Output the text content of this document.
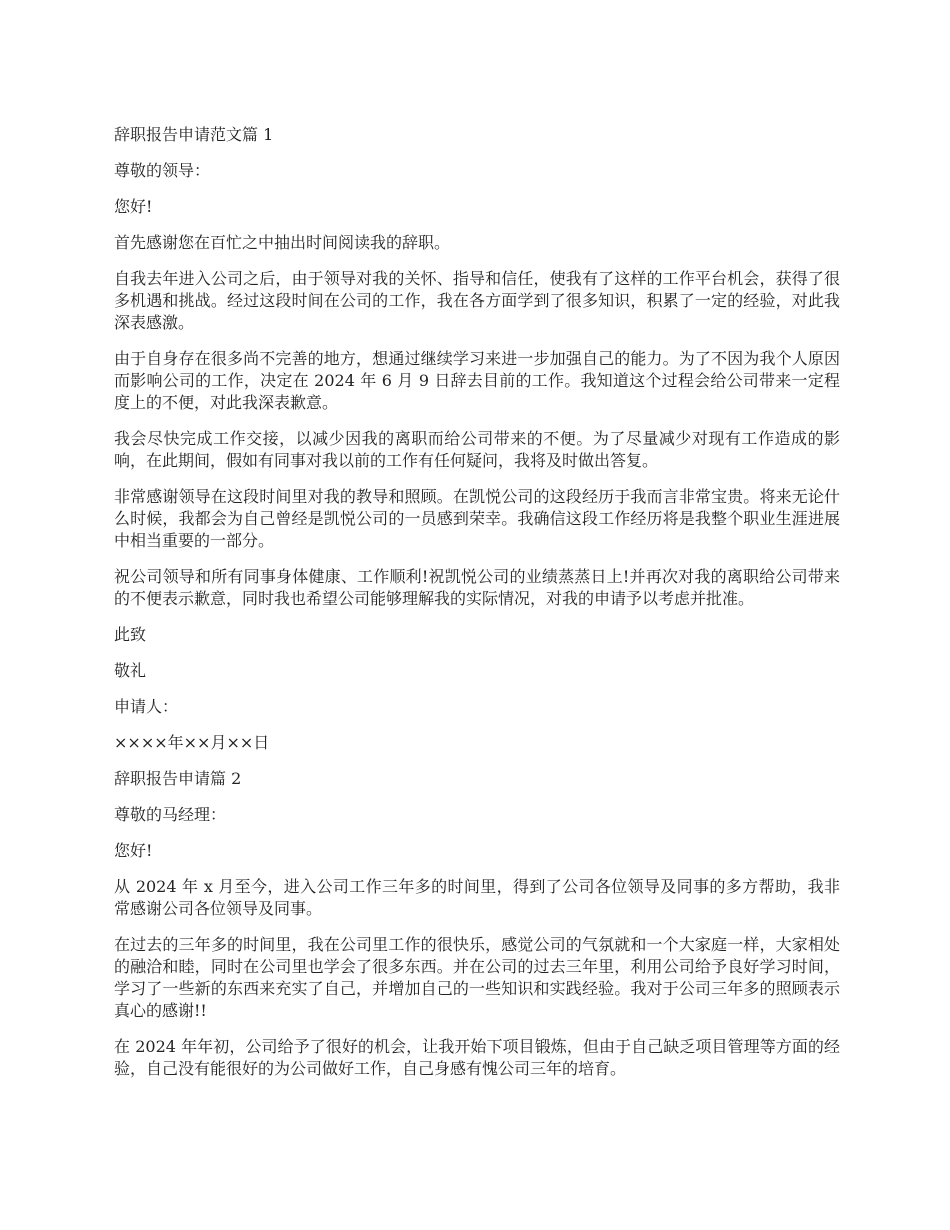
辞职报告申请范文篇 1

尊敬的领导：

您好!

首先感谢您在百忙之中抽出时间阅读我的辞职。

自我去年进入公司之后，由于领导对我的关怀、指导和信任，使我有了这样的工作平台机会，获得了很多机遇和挑战。经过这段时间在公司的工作，我在各方面学到了很多知识，积累了一定的经验，对此我深表感激。

由于自身存在很多尚不完善的地方，想通过继续学习来进一步加强自己的能力。为了不因为我个人原因而影响公司的工作，决定在 2024 年 6 月 9 日辞去目前的工作。我知道这个过程会给公司带来一定程度上的不便，对此我深表歉意。

我会尽快完成工作交接，以减少因我的离职而给公司带来的不便。为了尽量减少对现有工作造成的影响，在此期间，假如有同事对我以前的工作有任何疑问，我将及时做出答复。

非常感谢领导在这段时间里对我的教导和照顾。在凯悦公司的这段经历于我而言非常宝贵。将来无论什么时候，我都会为自己曾经是凯悦公司的一员感到荣幸。我确信这段工作经历将是我整个职业生涯进展中相当重要的一部分。

祝公司领导和所有同事身体健康、工作顺利!祝凯悦公司的业绩蒸蒸日上!并再次对我的离职给公司带来的不便表示歉意，同时我也希望公司能够理解我的实际情况，对我的申请予以考虑并批准。

此致

敬礼

申请人：

××××年××月××日

辞职报告申请篇 2

尊敬的马经理：

您好!

从 2024 年 x 月至今，进入公司工作三年多的时间里，得到了公司各位领导及同事的多方帮助，我非常感谢公司各位领导及同事。

在过去的三年多的时间里，我在公司里工作的很快乐，感觉公司的气氛就和一个大家庭一样，大家相处的融洽和睦，同时在公司里也学会了很多东西。并在公司的过去三年里，利用公司给予良好学习时间，学习了一些新的东西来充实了自己，并增加自己的一些知识和实践经验。我对于公司三年多的照顾表示真心的感谢!!

在 2024 年年初，公司给予了很好的机会，让我开始下项目锻炼，但由于自己缺乏项目管理等方面的经验，自己没有能很好的为公司做好工作，自己身感有愧公司三年的培育。
